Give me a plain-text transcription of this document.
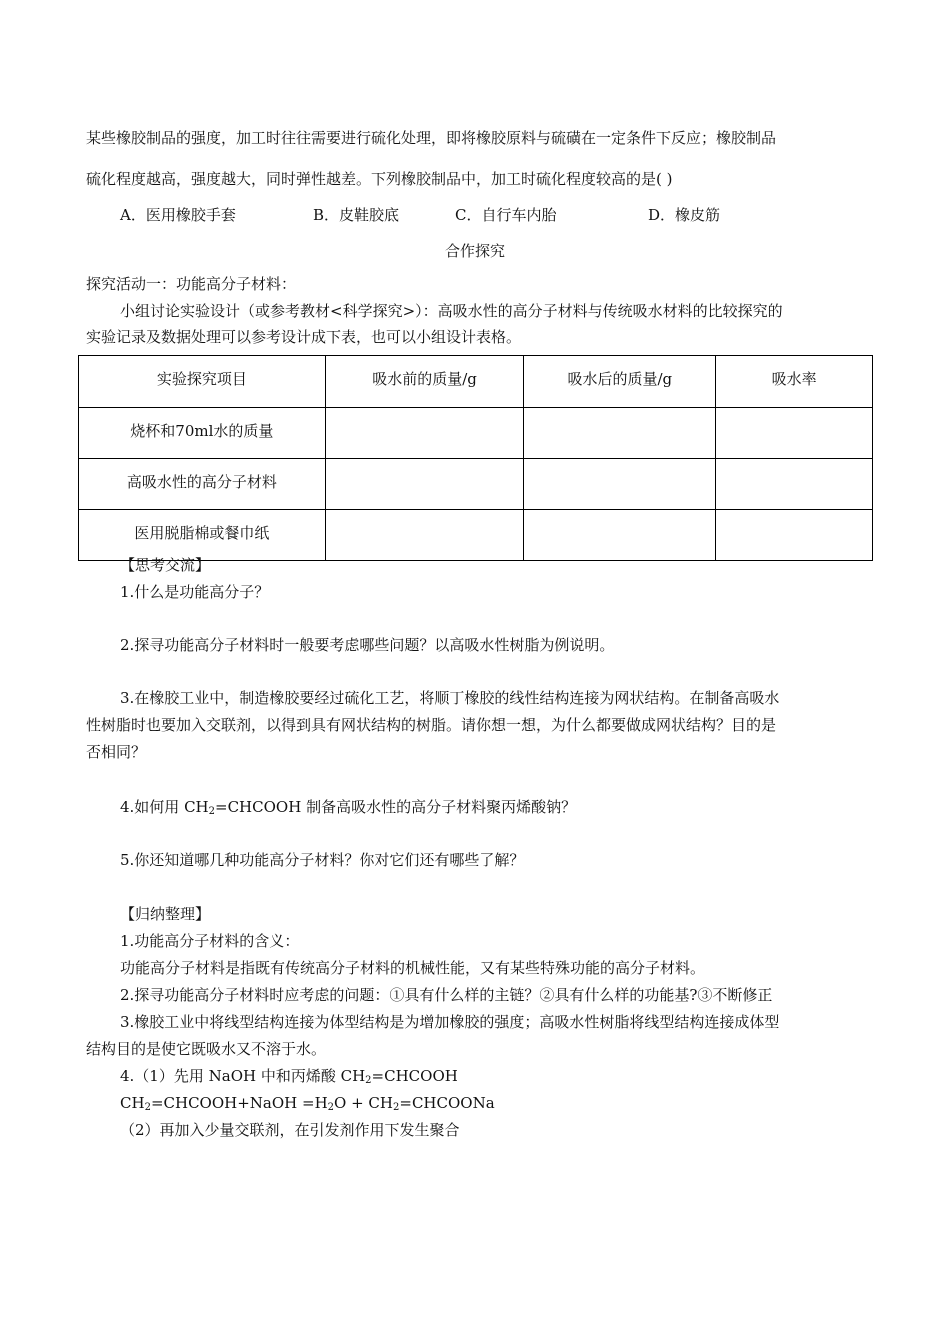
某些橡胶制品的强度，加工时往往需要进行硫化处理，即将橡胶原料与硫磺在一定条件下反应；橡胶制品
硫化程度越高，强度越大，同时弹性越差。下列橡胶制品中，加工时硫化程度较高的是( )
A．医用橡胶手套	B．皮鞋胶底	C．自行车内胎	D．橡皮筋
合作探究
探究活动一：功能高分子材料：
小组讨论实验设计（或参考教材<科学探究>）：高吸水性的高分子材料与传统吸水材料的比较探究的
实验记录及数据处理可以参考设计成下表，也可以小组设计表格。
实验探究项目	吸水前的质量/g	吸水后的质量/g	吸水率
烧杯和70ml水的质量			
高吸水性的高分子材料			
医用脱脂棉或餐巾纸			
【思考交流】
1.什么是功能高分子？
2.探寻功能高分子材料时一般要考虑哪些问题？以高吸水性树脂为例说明。
3.在橡胶工业中，制造橡胶要经过硫化工艺，将顺丁橡胶的线性结构连接为网状结构。在制备高吸水
性树脂时也要加入交联剂，以得到具有网状结构的树脂。请你想一想，为什么都要做成网状结构？目的是
否相同？
4.如何用 $CH_2=CHCOOH$ 制备高吸水性的高分子材料聚丙烯酸钠？
5.你还知道哪几种功能高分子材料？你对它们还有哪些了解？
【归纳整理】
1.功能高分子材料的含义：
功能高分子材料是指既有传统高分子材料的机械性能，又有某些特殊功能的高分子材料。
2.探寻功能高分子材料时应考虑的问题：①具有什么样的主链？②具有什么样的功能基?③不断修正
3.橡胶工业中将线型结构连接为体型结构是为增加橡胶的强度；高吸水性树脂将线型结构连接成体型
结构目的是使它既吸水又不溶于水。
4.（1）先用 NaOH 中和丙烯酸 $CH_2=CHCOOH$
$CH_2=CHCOOH+NaOH =H_2O$ + $CH_2=CHCOONa$
（2）再加入少量交联剂，在引发剂作用下发生聚合
